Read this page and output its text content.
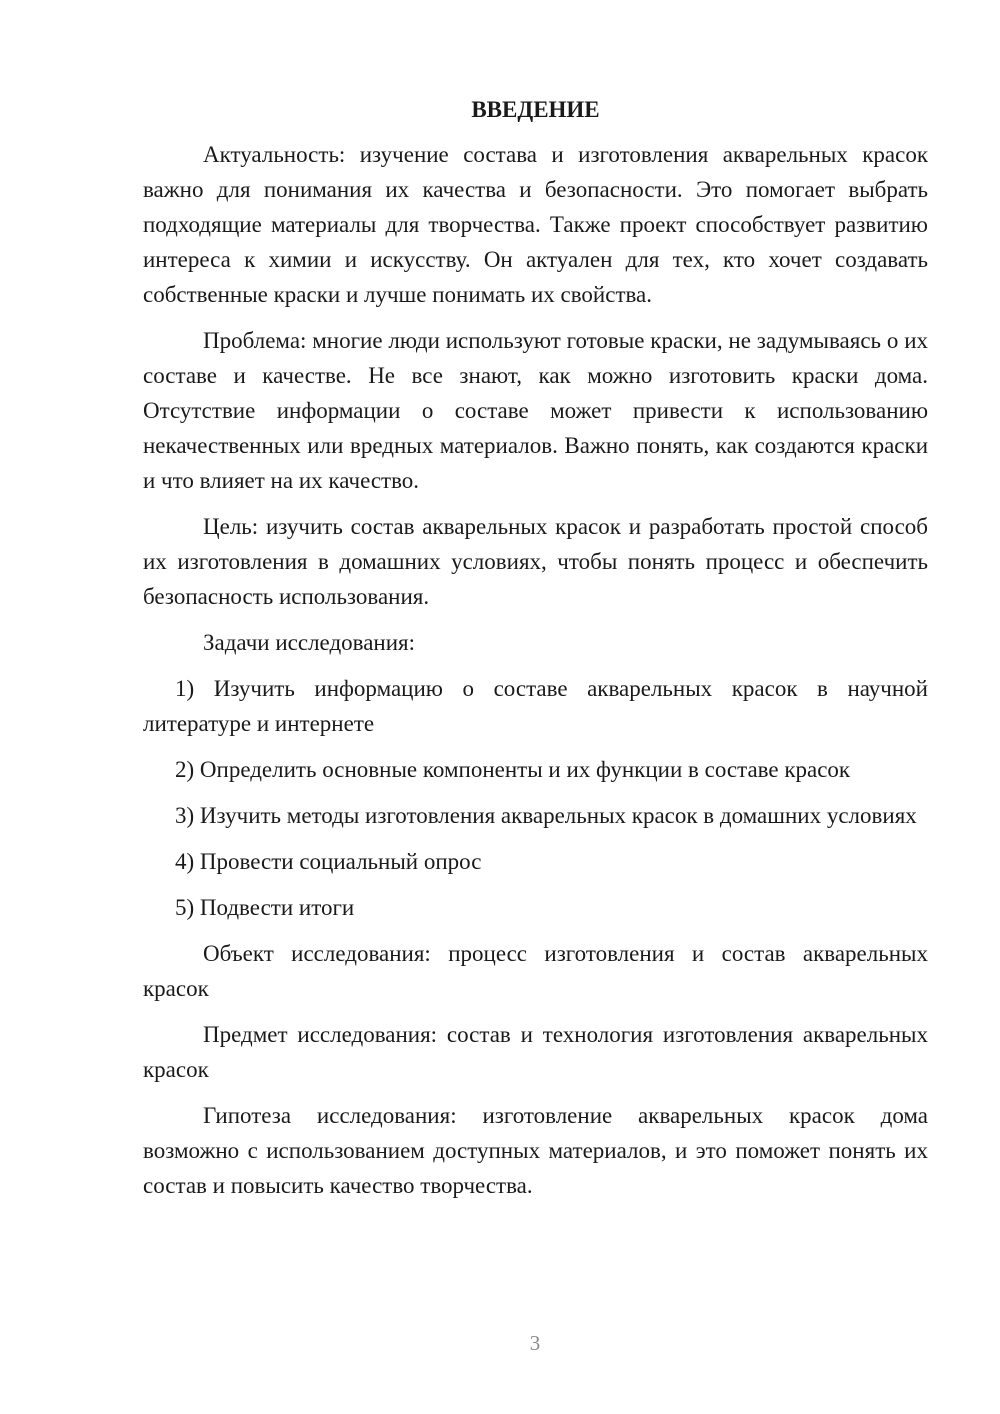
ВВЕДЕНИЕ

Актуальность: изучение состава и изготовления акварельных красок важно для понимания их качества и безопасности. Это помогает выбрать подходящие материалы для творчества. Также проект способствует развитию интереса к химии и искусству. Он актуален для тех, кто хочет создавать собственные краски и лучше понимать их свойства.

Проблема: многие люди используют готовые краски, не задумываясь о их составе и качестве. Не все знают, как можно изготовить краски дома. Отсутствие информации о составе может привести к использованию некачественных или вредных материалов. Важно понять, как создаются краски и что влияет на их качество.

Цель: изучить состав акварельных красок и разработать простой способ их изготовления в домашних условиях, чтобы понять процесс и обеспечить безопасность использования.

Задачи исследования:

1) Изучить информацию о составе акварельных красок в научной литературе и интернете

2) Определить основные компоненты и их функции в составе красок

3) Изучить методы изготовления акварельных красок в домашних условиях

4) Провести социальный опрос

5) Подвести итоги

Объект исследования: процесс изготовления и состав акварельных красок

Предмет исследования: состав и технология изготовления акварельных красок

Гипотеза исследования: изготовление акварельных красок дома возможно с использованием доступных материалов, и это поможет понять их состав и повысить качество творчества.

3
